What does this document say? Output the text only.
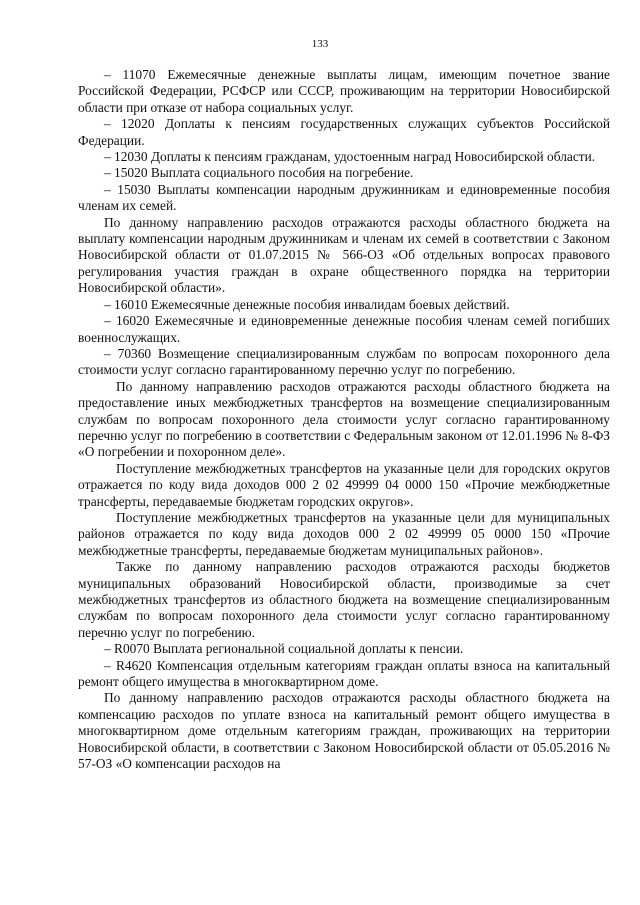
133

– 11070 Ежемесячные денежные выплаты лицам, имеющим почетное звание Российской Федерации, РСФСР или СССР, проживающим на территории Новосибирской области при отказе от набора социальных услуг.

– 12020 Доплаты к пенсиям государственных служащих субъектов Российской Федерации.

– 12030 Доплаты к пенсиям гражданам, удостоенным наград Новосибирской области.

– 15020 Выплата социального пособия на погребение.

– 15030 Выплаты компенсации народным дружинникам и единовременные пособия членам их семей.

По данному направлению расходов отражаются расходы областного бюджета на выплату компенсации народным дружинникам и членам их семей в соответствии с Законом Новосибирской области от 01.07.2015 № 566-ОЗ «Об отдельных вопросах правового регулирования участия граждан в охране общественного порядка на территории Новосибирской области».

– 16010 Ежемесячные денежные пособия инвалидам боевых действий.

– 16020 Ежемесячные и единовременные денежные пособия членам семей погибших военнослужащих.

– 70360 Возмещение специализированным службам по вопросам похоронного дела стоимости услуг согласно гарантированному перечню услуг по погребению.

По данному направлению расходов отражаются расходы областного бюджета на предоставление иных межбюджетных трансфертов на возмещение специализированным службам по вопросам похоронного дела стоимости услуг согласно гарантированному перечню услуг по погребению в соответствии с Федеральным законом от 12.01.1996 № 8-ФЗ «О погребении и похоронном деле».

Поступление межбюджетных трансфертов на указанные цели для городских округов отражается по коду вида доходов 000 2 02 49999 04 0000 150 «Прочие межбюджетные трансферты, передаваемые бюджетам городских округов».

Поступление межбюджетных трансфертов на указанные цели для муниципальных районов отражается по коду вида доходов 000 2 02 49999 05 0000 150 «Прочие межбюджетные трансферты, передаваемые бюджетам муниципальных районов».

Также по данному направлению расходов отражаются расходы бюджетов муниципальных образований Новосибирской области, производимые за счет межбюджетных трансфертов из областного бюджета на возмещение специализированным службам по вопросам похоронного дела стоимости услуг согласно гарантированному перечню услуг по погребению.

– R0070 Выплата региональной социальной доплаты к пенсии.

– R4620 Компенсация отдельным категориям граждан оплаты взноса на капитальный ремонт общего имущества в многоквартирном доме.

По данному направлению расходов отражаются расходы областного бюджета на компенсацию расходов по уплате взноса на капитальный ремонт общего имущества в многоквартирном доме отдельным категориям граждан, проживающих на территории Новосибирской области, в соответствии с Законом Новосибирской области от 05.05.2016 № 57-ОЗ «О компенсации расходов на
